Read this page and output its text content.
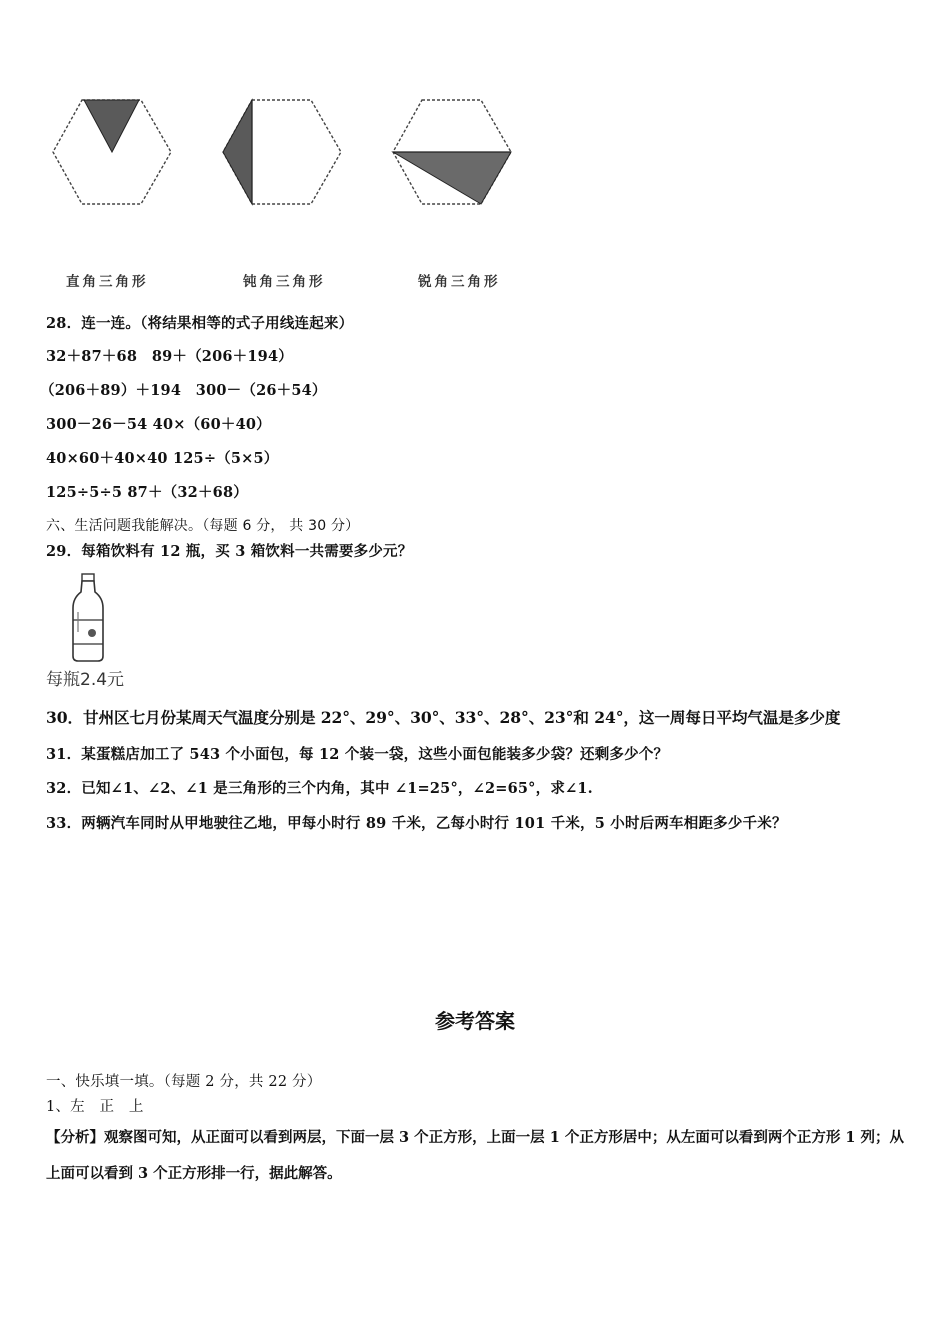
直角三角形	钝角三角形	锐角三角形
28．连一连。（将结果相等的式子用线连起来）
32＋87＋68　89＋（206＋194）
（206＋89）＋194　300－（26＋54）
300－26－54 40×（60＋40）
40×60＋40×40 125÷（5×5）
125÷5÷5 87＋（32＋68）
六、生活问题我能解决。（每题 6 分， 共 30 分）
29．每箱饮料有 12 瓶，买 3 箱饮料一共需要多少元？
每瓶2.4元
30．甘州区七月份某周天气温度分别是 22°、29°、30°、33°、28°、23°和 24°，这一周每日平均气温是多少度
31．某蛋糕店加工了 543 个小面包，每 12 个装一袋，这些小面包能装多少袋？还剩多少个？
32．已知∠1、∠2、∠1 是三角形的三个内角，其中 ∠1=25°，∠2=65°，求∠1.
33．两辆汽车同时从甲地驶往乙地，甲每小时行 89 千米，乙每小时行 101 千米，5 小时后两车相距多少千米？
参考答案
一、快乐填一填。（每题 2 分，共 22 分）
1、左　正　上
【分析】观察图可知，从正面可以看到两层，下面一层 3 个正方形，上面一层 1 个正方形居中；从左面可以看到两个正方形 1 列；从上面可以看到 3 个正方形排一行，据此解答。
